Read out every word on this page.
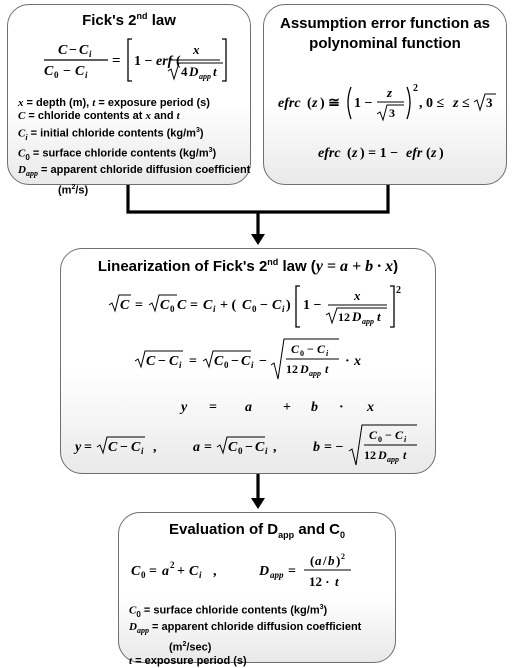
Fick's 2nd law
C − C i
C 0 − C i
= 1 − erf (
x
4 D app t
x = depth (m), t = exposure period (s)
C = chloride contents at x and t
$C_i$ = initial chloride contents $(kg/m^3)$
$C_0$ = surface chloride contents $(kg/m^3)$
$D_{app}$ = apparent chloride diffusion coefficient
$(m^2/s)$
Assumption error function as
polynominal function
efrc ( z ) ≅ 1 −
z
3
2
, 0 ≤ z ≤ 3
efrc ( z ) = 1 − efr ( z )
Linearization of Fick's 2nd law (y = a + b · x)
C = C 0 C = C i + ( C 0 − C i ) 1 −
x
12 D app t
2
C − C i = C 0 − C i −
C 0 − C i
12 D app t · x
y = a + b · x
y = C − C i ,	a = C 0 − C i ,	b = −
C 0 − C i
12 D app t
Evaluation of $D_{app}$ and $C_0$
C 0 = a 2 + C i ,	D app =
( a / b ) 2
12 · t
$C_0$ = surface chloride contents $(kg/m^3)$
$D_{app}$ = apparent chloride diffusion coefficient
$(m^2/\sec)$
t = exposure period (s)
